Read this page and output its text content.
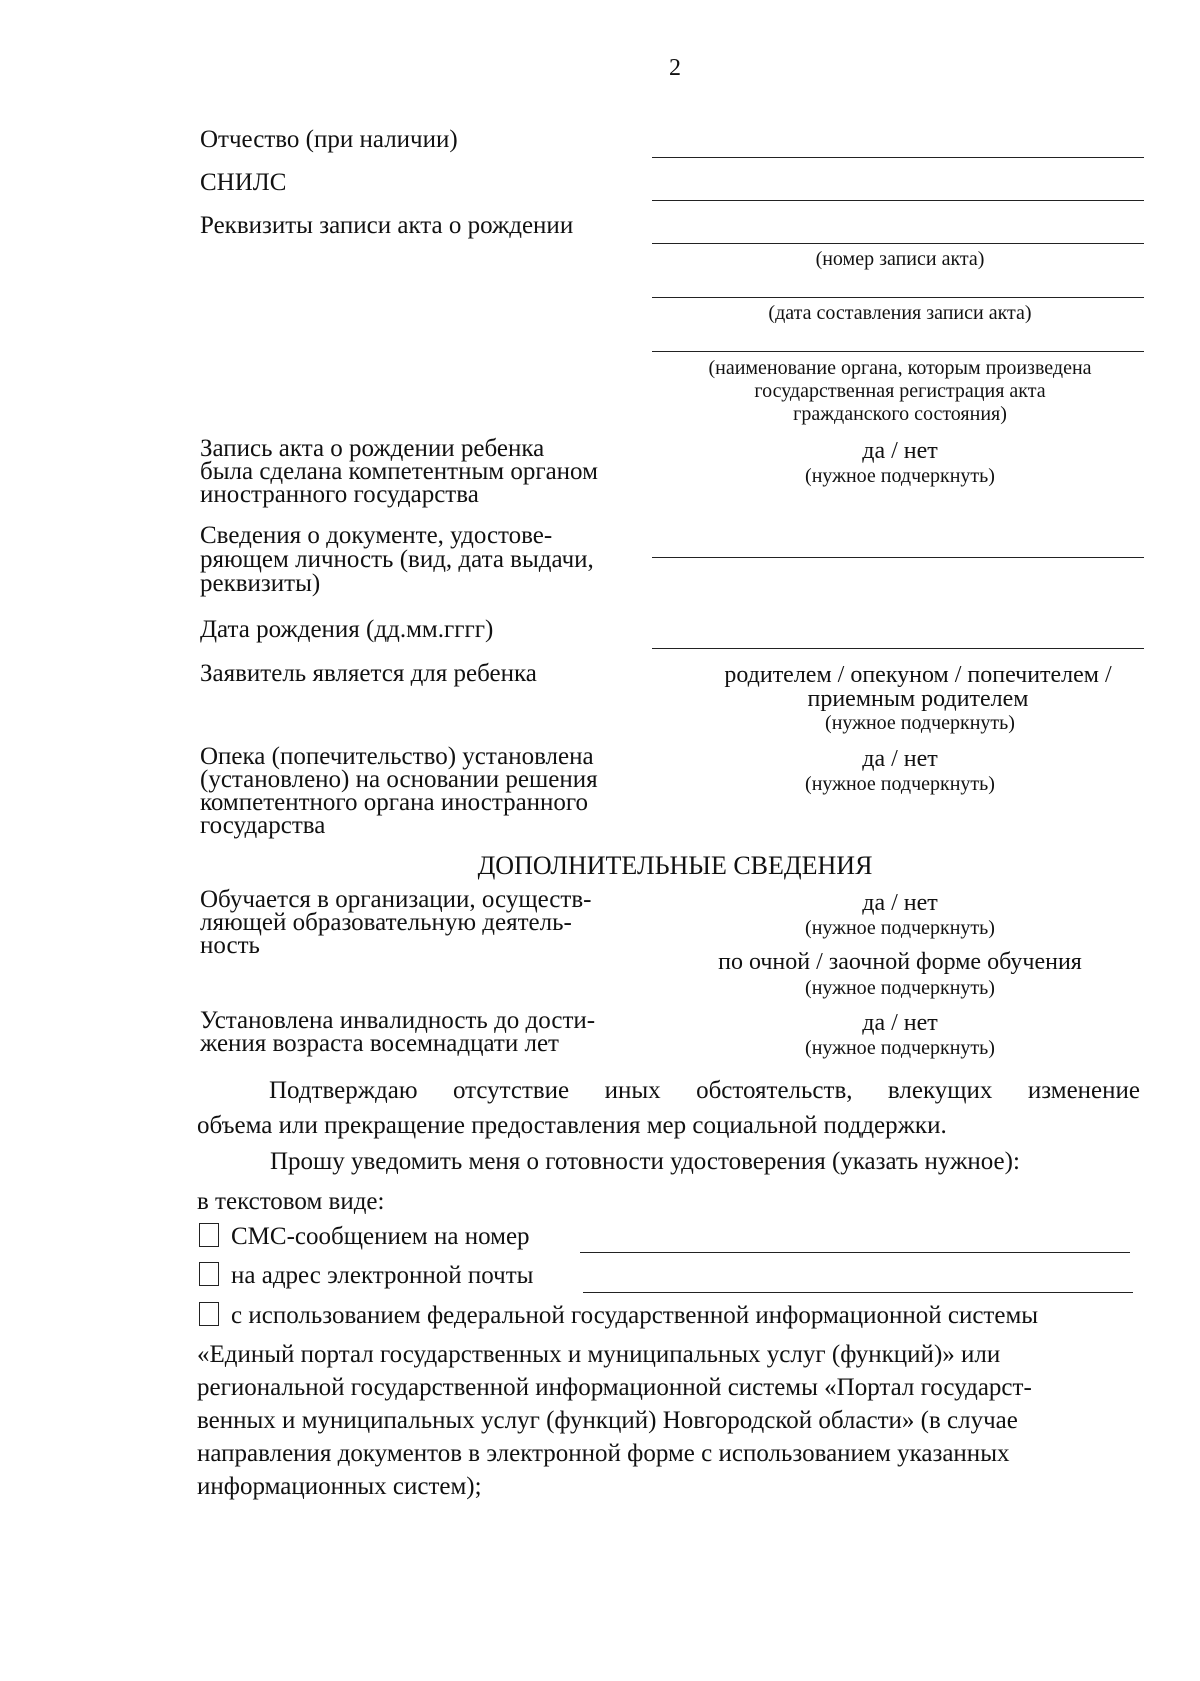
2
Отчество (при наличии)
СНИЛС
Реквизиты записи акта о рождении
(номер записи акта)
(дата составления записи акта)
(наименование органа, которым произведена
государственная регистрация акта
гражданского состояния)
Запись акта о рождении ребенка
была сделана компетентным органом
иностранного государства
да / нет
(нужное подчеркнуть)
Сведения о документе, удостове-
ряющем личность (вид, дата выдачи,
реквизиты)
Дата рождения (дд.мм.гггг)
Заявитель является для ребенка	родителем / опекуном / попечителем /
приемным родителем
(нужное подчеркнуть)
Опека (попечительство) установлена
(установлено) на основании решения
компетентного органа иностранного
государства
да / нет
(нужное подчеркнуть)
ДОПОЛНИТЕЛЬНЫЕ СВЕДЕНИЯ
Обучается в организации, осуществ-
ляющей образовательную деятель-
ность
да / нет
(нужное подчеркнуть)
по очной / заочной форме обучения
(нужное подчеркнуть)
Установлена инвалидность до дости-
жения возраста восемнадцати лет
да / нет
(нужное подчеркнуть)
Подтверждаю отсутствие иных обстоятельств, влекущих изменение
объема или прекращение предоставления мер социальной поддержки.
Прошу уведомить меня о готовности удостоверения (указать нужное):
в текстовом виде:
СМС-сообщением на номер
на адрес электронной почты
с использованием федеральной государственной информационной системы
«Единый портал государственных и муниципальных услуг (функций)» или
региональной государственной информационной системы «Портал государст-
венных и муниципальных услуг (функций) Новгородской области» (в случае
направления документов в электронной форме с использованием указанных
информационных систем);
